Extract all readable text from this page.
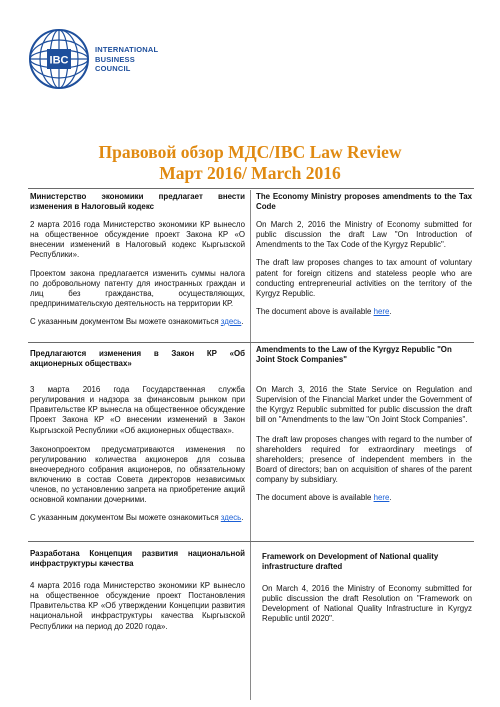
IBC
INTERNATIONAL
BUSINESS
COUNCIL
Правовой обзор МДС/IBC Law Review
Март 2016/ March 2016
Министерство экономики предлагает внести изменения в Налоговый кодекс
2 марта 2016 года Министерство экономики КР вынесло на общественное обсуждение проект Закона КР «О внесении изменений в Налоговый кодекс Кыргызской Республики».
Проектом закона предлагается изменить суммы налога по добровольному патенту для иностранных граждан и лиц без гражданства, осуществляющих, предпринимательскую деятельность на территории КР.
С указанным документом Вы можете ознакомиться здесь.
The Economy Ministry proposes amendments to the Tax Code
On March 2, 2016 the Ministry of Economy submitted for public discussion the draft Law "On Introduction of Amendments to the Tax Code of the Kyrgyz Republic".
The draft law proposes changes to tax amount of voluntary patent for foreign citizens and stateless people who are conducting entrepreneurial activities on the territory of the Kyrgyz Republic.
The document above is available here.
Предлагаются изменения в Закон КР «Об акционерных обществах»
3 марта 2016 года Государственная служба регулирования и надзора за финансовым рынком при Правительстве КР вынесла на общественное обсуждение Проект Закона КР «О внесении изменений в Закон Кыргызской Республики «Об акционерных обществах».
Законопроектом предусматриваются изменения по регулированию количества акционеров для созыва внеочередного собрания акционеров, по обязательному включению в состав Совета директоров независимых членов, по установлению запрета на приобретение акций основной компании дочерними.
С указанным документом Вы можете ознакомиться здесь.
Amendments to the Law of the Kyrgyz Republic "On Joint Stock Companies"
On March 3, 2016 the State Service on Regulation and Supervision of the Financial Market under the Government of the Kyrgyz Republic submitted for public discussion the draft bill on "Amendments to the law "On Joint Stock Companies".
The draft law proposes changes with regard to the number of shareholders required for extraordinary meetings of shareholders; presence of independent members in the Board of directors; ban on acquisition of shares of the parent company by subsidiary.
The document above is available here.
Разработана Концепция развития национальной инфраструктуры качества
4 марта 2016 года Министерство экономики КР вынесло на общественное обсуждение проект Постановления Правительства КР «Об утверждении Концепции развития национальной инфраструктуры качества Кыргызской Республики на период до 2020 года».
Framework on Development of National quality infrastructure drafted
On March 4, 2016 the Ministry of Economy submitted for public discussion the draft Resolution on "Framework on Development of National Quality Infrastructure in Kyrgyz Republic until 2020".
